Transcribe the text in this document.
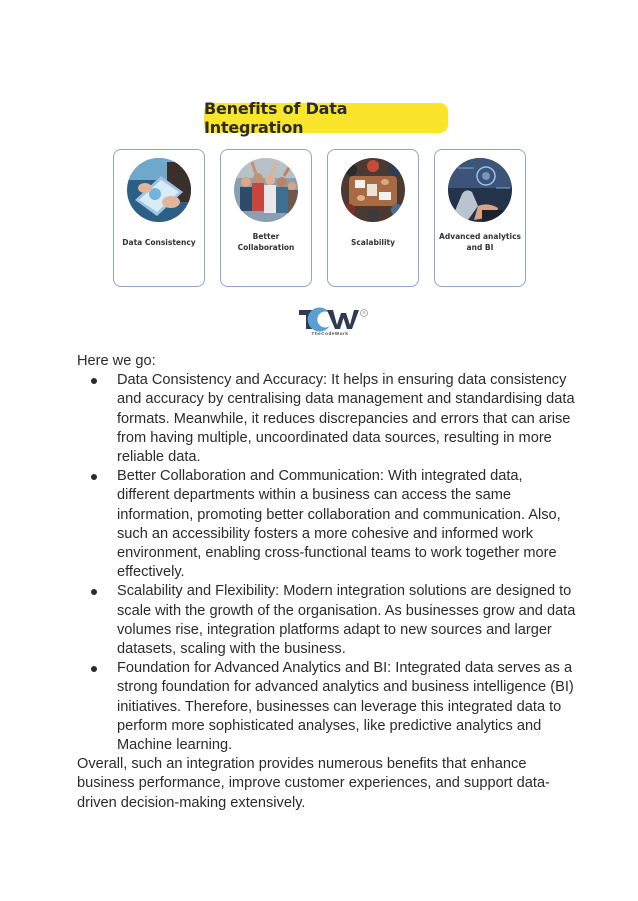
Benefits of Data Integration
Data Consistency
Better Collaboration
Scalability
Advanced analytics and BI
®
TheCodeWork

Here we go:

Data Consistency and Accuracy: It helps in ensuring data consistency and accuracy by centralising data management and standardising data formats. Meanwhile, it reduces discrepancies and errors that can arise from having multiple, uncoordinated data sources, resulting in more reliable data.
Better Collaboration and Communication: With integrated data, different departments within a business can access the same information, promoting better collaboration and communication. Also, such an accessibility fosters a more cohesive and informed work environment, enabling cross-functional teams to work together more effectively.
Scalability and Flexibility: Modern integration solutions are designed to scale with the growth of the organisation. As businesses grow and data volumes rise, integration platforms adapt to new sources and larger datasets, scaling with the business.
Foundation for Advanced Analytics and BI: Integrated data serves as a strong foundation for advanced analytics and business intelligence (BI) initiatives. Therefore, businesses can leverage this integrated data to perform more sophisticated analyses, like predictive analytics and Machine learning.

Overall, such an integration provides numerous benefits that enhance business performance, improve customer experiences, and support data-driven decision-making extensively.
